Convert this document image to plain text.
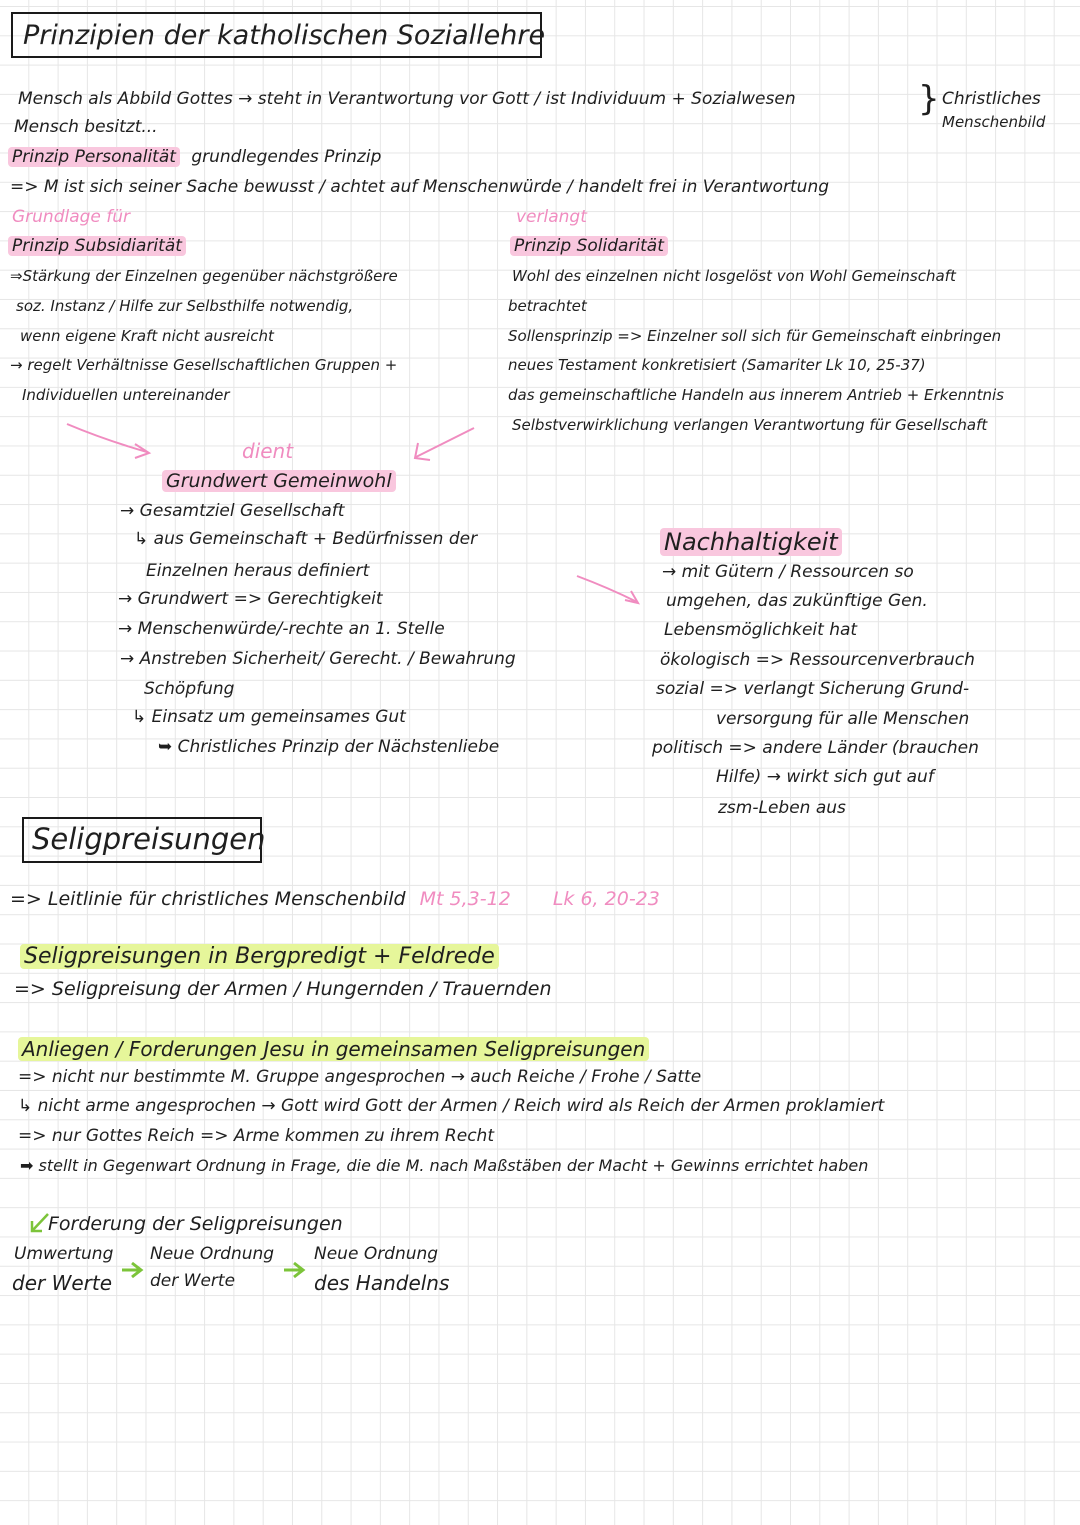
Prinzipien der katholischen Soziallehre
Mensch als Abbild Gottes → steht in Verantwortung vor Gott / ist Individuum + Sozialwesen	} Christliches
Menschenbild
Mensch besitzt...
Prinzip Personalität grundlegendes Prinzip
=> M ist sich seiner Sache bewusst / achtet auf Menschenwürde / handelt frei in Verantwortung
Grundlage für
Prinzip Subsidiarität
⇒Stärkung der Einzelnen gegenüber nächstgrößere
soz. Instanz / Hilfe zur Selbsthilfe notwendig,
wenn eigene Kraft nicht ausreicht
→ regelt Verhältnisse Gesellschaftlichen Gruppen +
Individuellen untereinander
verlangt
Prinzip Solidarität
Wohl des einzelnen nicht losgelöst von Wohl Gemeinschaft
betrachtet
Sollensprinzip => Einzelner soll sich für Gemeinschaft einbringen
neues Testament konkretisiert (Samariter Lk 10, 25-37)
das gemeinschaftliche Handeln aus innerem Antrieb + Erkenntnis
Selbstverwirklichung verlangen Verantwortung für Gesellschaft
dient
Grundwert Gemeinwohl
→ Gesamtziel Gesellschaft
↳ aus Gemeinschaft + Bedürfnissen der
Einzelnen heraus definiert
→ Grundwert => Gerechtigkeit
→ Menschenwürde/-rechte an 1. Stelle
→ Anstreben Sicherheit/ Gerecht. / Bewahrung
Schöpfung
↳ Einsatz um gemeinsames Gut
➥ Christliches Prinzip der Nächstenliebe
Nachhaltigkeit
→ mit Gütern / Ressourcen so
umgehen, das zukünftige Gen.
Lebensmöglichkeit hat
ökologisch => Ressourcenverbrauch
sozial => verlangt Sicherung Grund-
versorgung für alle Menschen
politisch => andere Länder (brauchen
Hilfe) → wirkt sich gut auf
zsm-Leben aus
Seligpreisungen
=> Leitlinie für christliches Menschenbild Mt 5,3-12 Lk 6, 20-23
Seligpreisungen in Bergpredigt + Feldrede
=> Seligpreisung der Armen / Hungernden / Trauernden
Anliegen / Forderungen Jesu in gemeinsamen Seligpreisungen
=> nicht nur bestimmte M. Gruppe angesprochen → auch Reiche / Frohe / Satte
↳ nicht arme angesprochen → Gott wird Gott der Armen / Reich wird als Reich der Armen proklamiert
=> nur Gottes Reich => Arme kommen zu ihrem Recht
➡ stellt in Gegenwart Ordnung in Frage, die die M. nach Maßstäben der Macht + Gewinns errichtet haben
Forderung der Seligpreisungen
Umwertung
der Werte
Neue Ordnung
der Werte
Neue Ordnung
des Handelns
